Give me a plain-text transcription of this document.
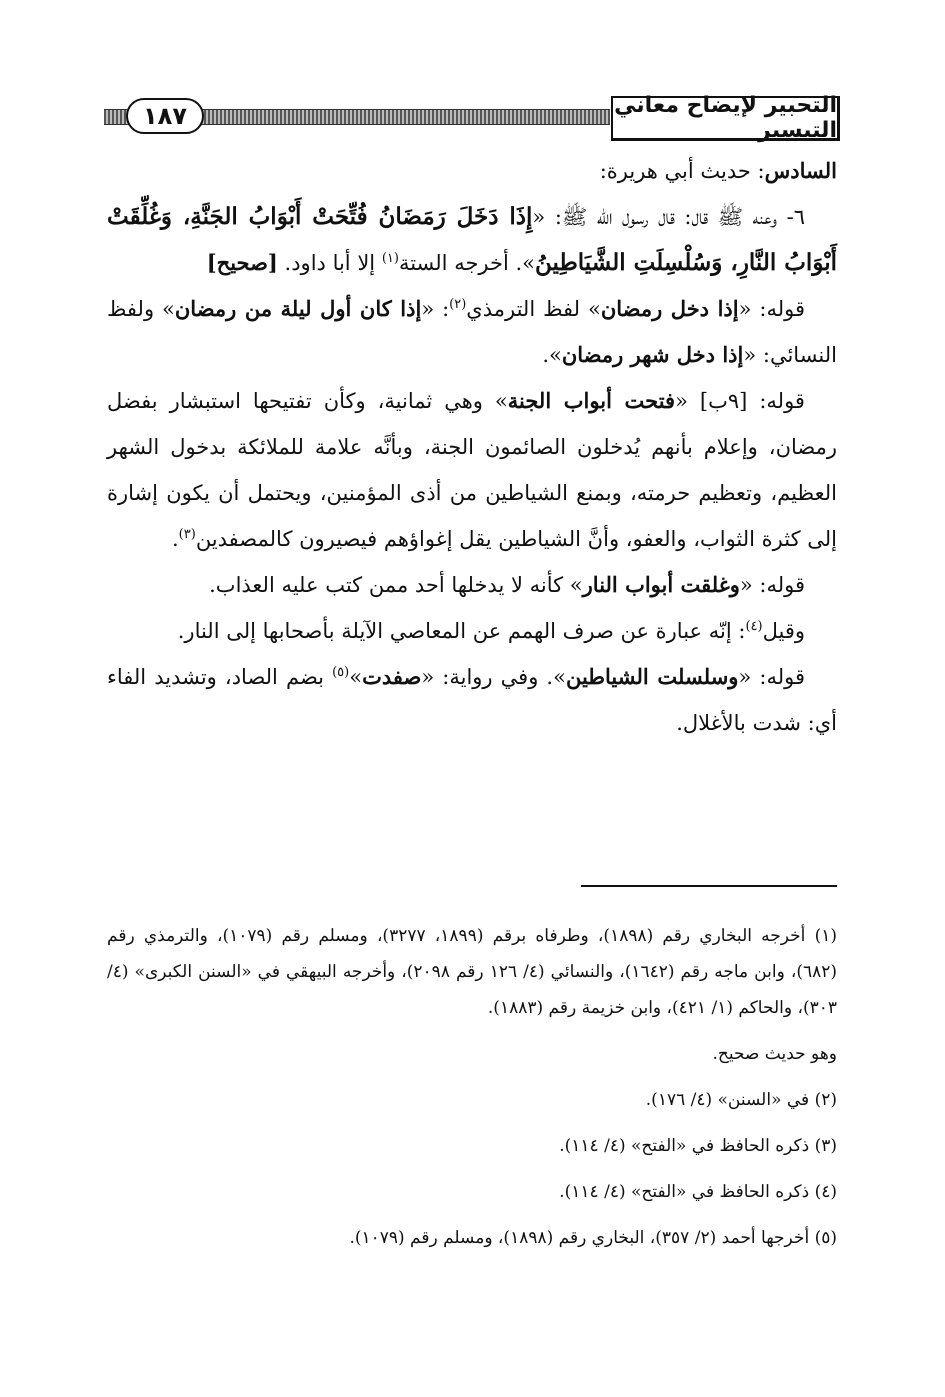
١٨٧	التحبير لإيضاح معاني التيسير

السادس: حديث أبي هريرة:

٦- وعنه ﷺ قال: قال رسول الله ﷺ: «إِذَا دَخَلَ رَمَضَانُ فُتِّحَتْ أَبْوَابُ الجَنَّةِ، وَغُلِّقَتْ أَبْوَابُ النَّارِ، وَسُلْسِلَتِ الشَّيَاطِينُ». أخرجه الستة$^{(١)}$ إلا أبا داود. [صحيح]

قوله: «إذا دخل رمضان» لفظ الترمذي$^{(٢)}$: «إذا كان أول ليلة من رمضان» ولفظ النسائي: «إذا دخل شهر رمضان».

قوله: [٩ب] «فتحت أبواب الجنة» وهي ثمانية، وكأن تفتيحها استبشار بفضل رمضان، وإعلام بأنهم يُدخلون الصائمون الجنة، وبأنَّه علامة للملائكة بدخول الشهر العظيم، وتعظيم حرمته، وبمنع الشياطين من أذى المؤمنين، ويحتمل أن يكون إشارة إلى كثرة الثواب، والعفو، وأنَّ الشياطين يقل إغواؤهم فيصيرون كالمصفدين$^{(٣)}$.

قوله: «وغلقت أبواب النار» كأنه لا يدخلها أحد ممن كتب عليه العذاب.

وقيل$^{(٤)}$: إنّه عبارة عن صرف الهمم عن المعاصي الآيلة بأصحابها إلى النار.

قوله: «وسلسلت الشياطين». وفي رواية: «صفدت»$^{(٥)}$ بضم الصاد، وتشديد الفاء أي: شدت بالأغلال.

(١) أخرجه البخاري رقم (١٨٩٨)، وطرفاه برقم (١٨٩٩، ٣٢٧٧)، ومسلم رقم (١٠٧٩)، والترمذي رقم (٦٨٢)، وابن ماجه رقم (١٦٤٢)، والنسائي (٤/ ١٢٦ رقم ٢٠٩٨)، وأخرجه البيهقي في «السنن الكبرى» (٤/ ٣٠٣)، والحاكم (١/ ٤٢١)، وابن خزيمة رقم (١٨٨٣).

وهو حديث صحيح.

(٢) في «السنن» (٤/ ١٧٦).

(٣) ذكره الحافظ في «الفتح» (٤/ ١١٤).

(٤) ذكره الحافظ في «الفتح» (٤/ ١١٤).

(٥) أخرجها أحمد (٢/ ٣٥٧)، البخاري رقم (١٨٩٨)، ومسلم رقم (١٠٧٩).
